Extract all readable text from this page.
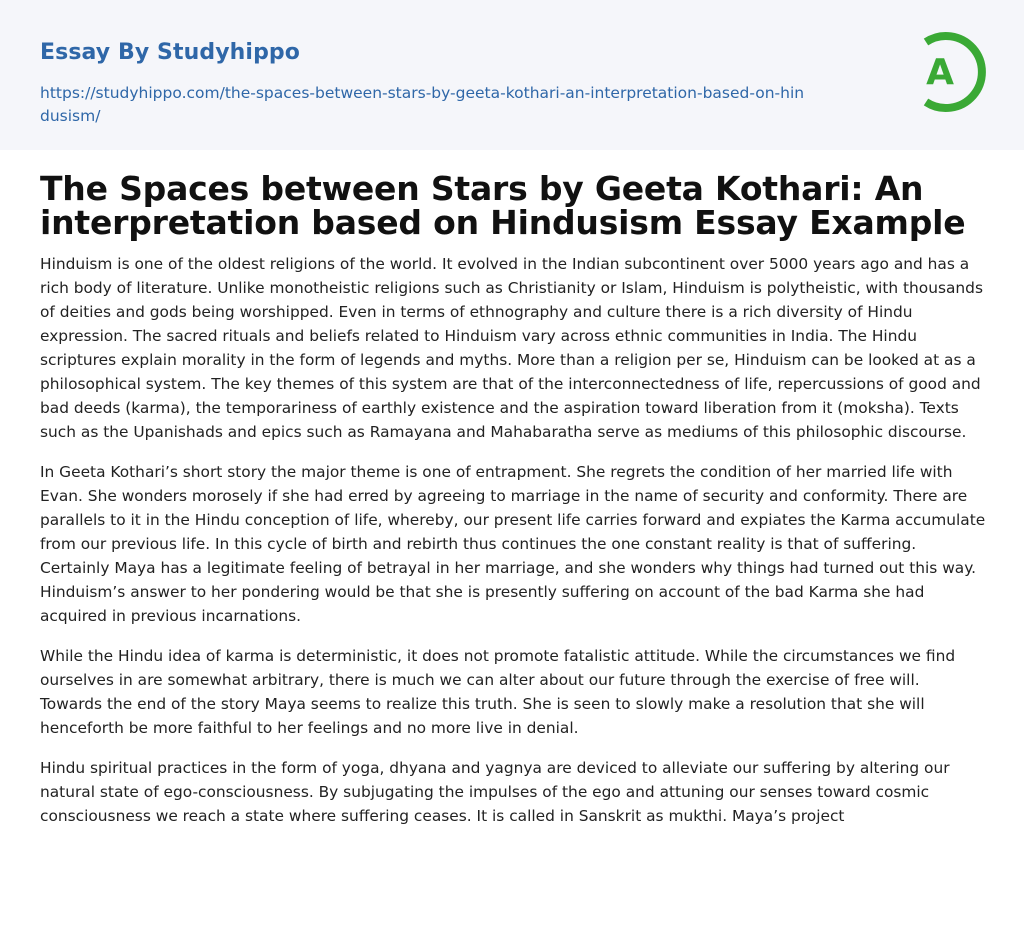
Essay By Studyhippo
https://studyhippo.com/the-spaces-between-stars-by-geeta-kothari-an-interpretation-based-on-hindusism/
A
The Spaces between Stars by Geeta Kothari: An interpretation based on Hindusism Essay Example

Hinduism is one of the oldest religions of the world. It evolved in the Indian subcontinent over 5000 years ago and has a rich body of literature. Unlike monotheistic religions such as Christianity or Islam, Hinduism is polytheistic, with thousands of deities and gods being worshipped. Even in terms of ethnography and culture there is a rich diversity of Hindu expression. The sacred rituals and beliefs related to Hinduism vary across ethnic communities in India. The Hindu scriptures explain morality in the form of legends and myths. More than a religion per se, Hinduism can be looked at as a philosophical system. The key themes of this system are that of the interconnectedness of life, repercussions of good and bad deeds (karma), the temporariness of earthly existence and the aspiration toward liberation from it (moksha). Texts such as the Upanishads and epics such as Ramayana and Mahabaratha serve as mediums of this philosophic discourse.

In Geeta Kothari’s short story the major theme is one of entrapment. She regrets the condition of her married life with Evan. She wonders morosely if she had erred by agreeing to marriage in the name of security and conformity. There are parallels to it in the Hindu conception of life, whereby, our present life carries forward and expiates the Karma accumulate from our previous life. In this cycle of birth and rebirth thus continues the one constant reality is that of suffering. Certainly Maya has a legitimate feeling of betrayal in her marriage, and she wonders why things had turned out this way. Hinduism’s answer to her pondering would be that she is presently suffering on account of the bad Karma she had acquired in previous incarnations.

While the Hindu idea of karma is deterministic, it does not promote fatalistic attitude. While the circumstances we find ourselves in are somewhat arbitrary, there is much we can alter about our future through the exercise of free will. Towards the end of the story Maya seems to realize this truth. She is seen to slowly make a resolution that she will henceforth be more faithful to her feelings and no more live in denial.

Hindu spiritual practices in the form of yoga, dhyana and yagnya are deviced to alleviate our suffering by altering our natural state of ego-consciousness. By subjugating the impulses of the ego and attuning our senses toward cosmic consciousness we reach a state where suffering ceases. It is called in Sanskrit as mukthi. Maya’s project
